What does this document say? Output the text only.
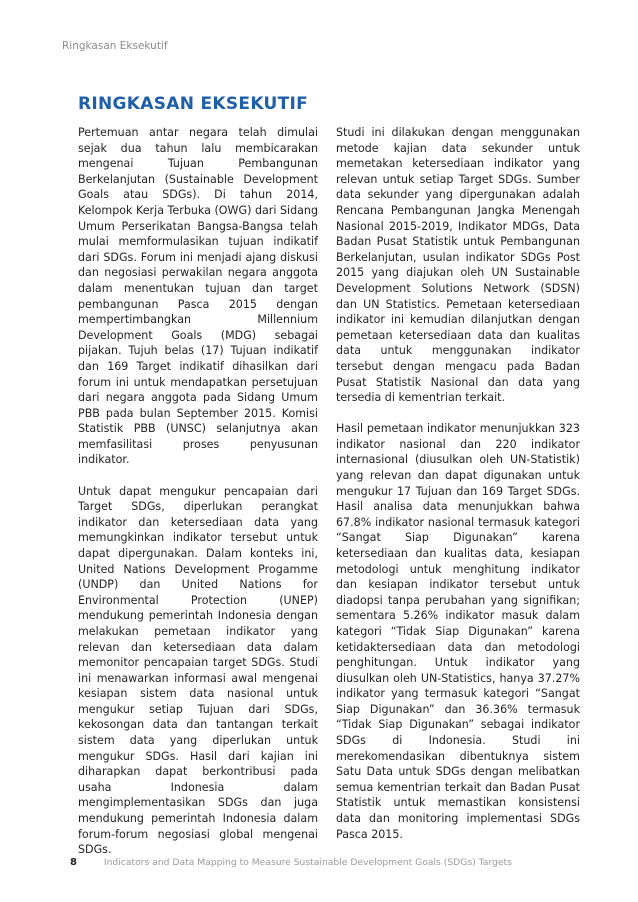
Ringkasan Eksekutif
RINGKASAN EKSEKUTIF

Pertemuan antar negara telah dimulai sejak dua tahun lalu membicarakan mengenai Tujuan Pembangunan Berkelanjutan (Sustainable Development Goals atau SDGs). Di tahun 2014, Kelompok Kerja Terbuka (OWG) dari Sidang Umum Perserikatan Bangsa-Bangsa telah mulai memformulasikan tujuan indikatif dari SDGs. Forum ini menjadi ajang diskusi dan negosiasi perwakilan negara anggota dalam menentukan tujuan dan target pembangunan Pasca 2015 dengan mempertimbangkan Millennium Development Goals (MDG) sebagai pijakan. Tujuh belas (17) Tujuan indikatif dan 169 Target indikatif dihasilkan dari forum ini untuk mendapatkan persetujuan dari negara anggota pada Sidang Umum PBB pada bulan September 2015. Komisi Statistik PBB (UNSC) selanjutnya akan memfasilitasi proses penyusunan indikator.

Untuk dapat mengukur pencapaian dari Target SDGs, diperlukan perangkat indikator dan ketersediaan data yang memungkinkan indikator tersebut untuk dapat dipergunakan. Dalam konteks ini, United Nations Development Progamme (UNDP) dan United Nations for Environmental Protection (UNEP) mendukung pemerintah Indonesia dengan melakukan pemetaan indikator yang relevan dan ketersediaan data dalam memonitor pencapaian target SDGs. Studi ini menawarkan informasi awal mengenai kesiapan sistem data nasional untuk mengukur setiap Tujuan dari SDGs, kekosongan data dan tantangan terkait sistem data yang diperlukan untuk mengukur SDGs. Hasil dari kajian ini diharapkan dapat berkontribusi pada usaha Indonesia dalam mengimplementasikan SDGs dan juga mendukung pemerintah Indonesia dalam forum-forum negosiasi global mengenai SDGs.

Studi ini dilakukan dengan menggunakan metode kajian data sekunder untuk memetakan ketersediaan indikator yang relevan untuk setiap Target SDGs. Sumber data sekunder yang dipergunakan adalah Rencana Pembangunan Jangka Menengah Nasional 2015-2019, Indikator MDGs, Data Badan Pusat Statistik untuk Pembangunan Berkelanjutan, usulan indikator SDGs Post 2015 yang diajukan oleh UN Sustainable Development Solutions Network (SDSN) dan UN Statistics. Pemetaan ketersediaan indikator ini kemudian dilanjutkan dengan pemetaan ketersediaan data dan kualitas data untuk menggunakan indikator tersebut dengan mengacu pada Badan Pusat Statistik Nasional dan data yang tersedia di kementrian terkait.

Hasil pemetaan indikator menunjukkan 323 indikator nasional dan 220 indikator internasional (diusulkan oleh UN-Statistik) yang relevan dan dapat digunakan untuk mengukur 17 Tujuan dan 169 Target SDGs. Hasil analisa data menunjukkan bahwa 67.8% indikator nasional termasuk kategori “Sangat Siap Digunakan” karena ketersediaan dan kualitas data, kesiapan metodologi untuk menghitung indikator dan kesiapan indikator tersebut untuk diadopsi tanpa perubahan yang signifikan; sementara 5.26% indikator masuk dalam kategori “Tidak Siap Digunakan” karena ketidaktersediaan data dan metodologi penghitungan. Untuk indikator yang diusulkan oleh UN-Statistics, hanya 37.27% indikator yang termasuk kategori “Sangat Siap Digunakan” dan 36.36% termasuk “Tidak Siap Digunakan” sebagai indikator SDGs di Indonesia. Studi ini merekomendasikan dibentuknya sistem Satu Data untuk SDGs dengan melibatkan semua kementrian terkait dan Badan Pusat Statistik untuk memastikan konsistensi data dan monitoring implementasi SDGs Pasca 2015.

8	Indicators and Data Mapping to Measure Sustainable Development Goals (SDGs) Targets
